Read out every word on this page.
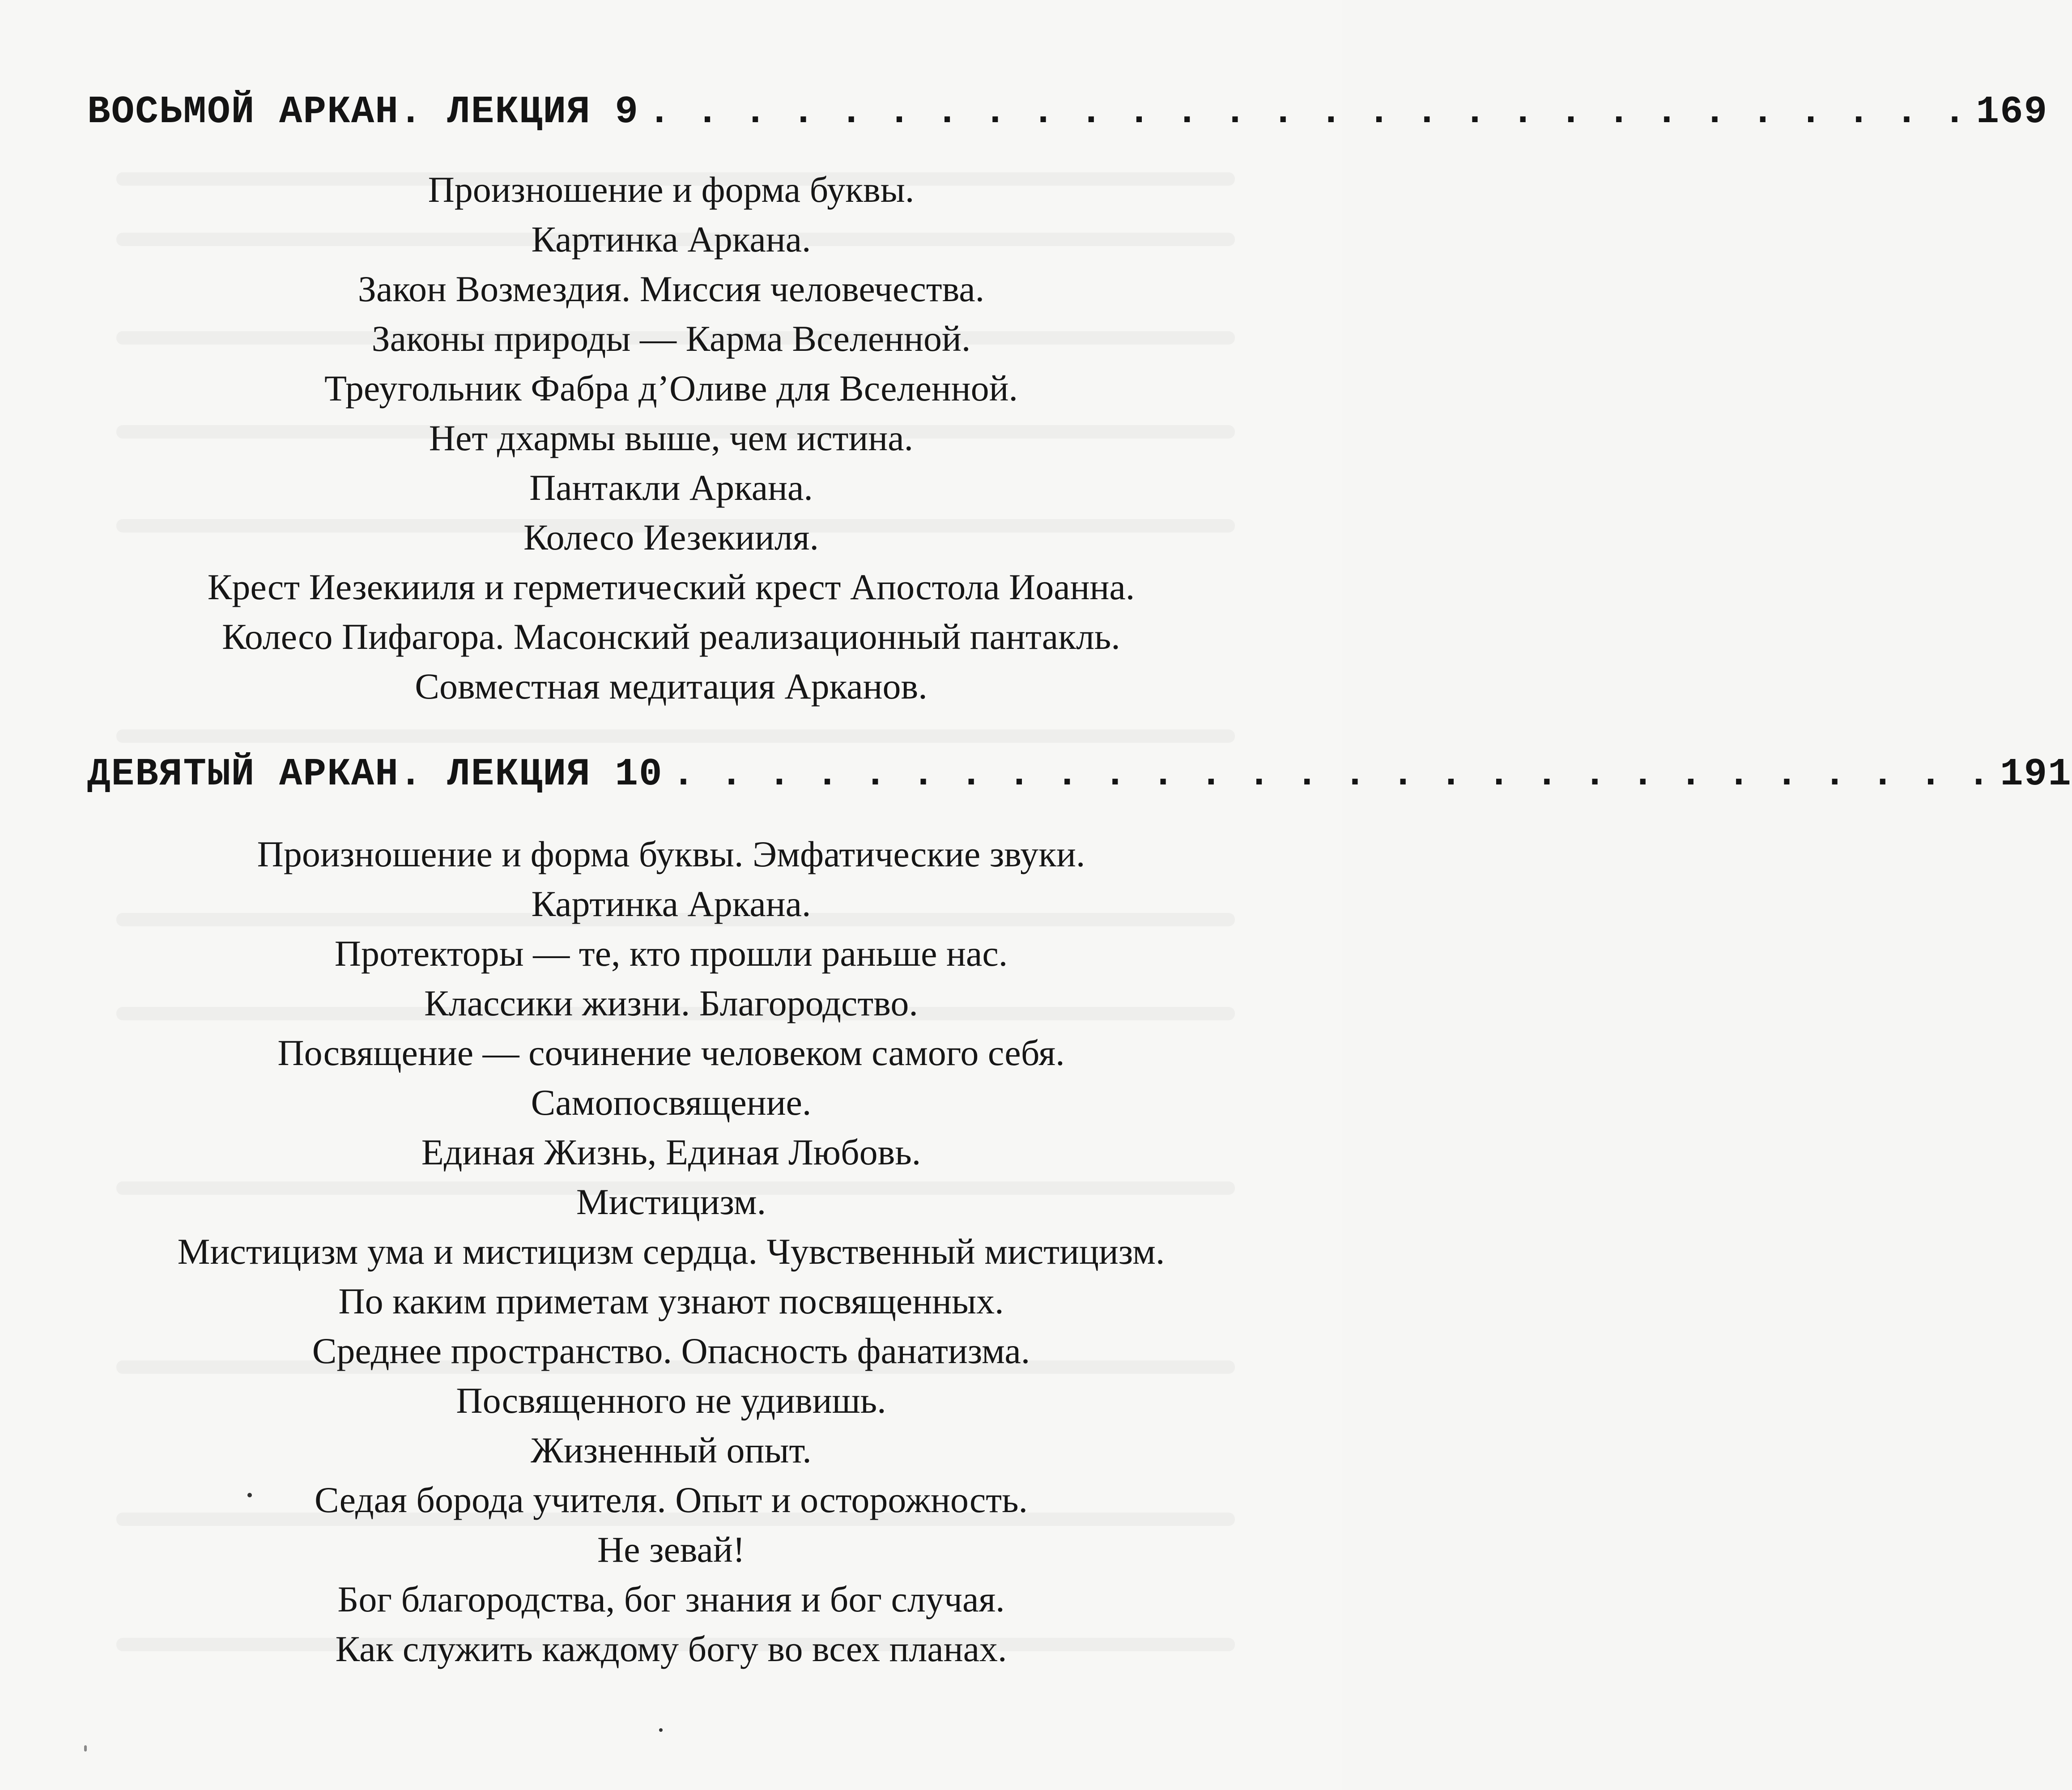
ВОСЬМОЙ АРКАН. ЛЕКЦИЯ 9 . . . . . . . . . . . . . . . . . . . . . . . . . . . . 169
Произношение и форма буквы.
Картинка Аркана.
Закон Возмездия. Миссия человечества.
Законы природы — Карма Вселенной.
Треугольник Фабра д’Оливе для Вселенной.
Нет дхармы выше, чем истина.
Пантакли Аркана.
Колесо Иезекииля.
Крест Иезекииля и герметический крест Апостола Иоанна.
Колесо Пифагора. Масонский реализационный пантакль.
Совместная медитация Арканов.
ДЕВЯТЫЙ АРКАН. ЛЕКЦИЯ 10 . . . . . . . . . . . . . . . . . . . . . . . . . . . . 191
Произношение и форма буквы. Эмфатические звуки.
Картинка Аркана.
Протекторы — те, кто прошли раньше нас.
Классики жизни. Благородство.
Посвящение — сочинение человеком самого себя.
Самопосвящение.
Единая Жизнь, Единая Любовь.
Мистицизм.
Мистицизм ума и мистицизм сердца. Чувственный мистицизм.
По каким приметам узнают посвященных.
Среднее пространство. Опасность фанатизма.
Посвященного не удивишь.
Жизненный опыт.
Седая борода учителя. Опыт и осторожность.
Не зевай!
Бог благородства, бог знания и бог случая.
Как служить каждому богу во всех планах.
